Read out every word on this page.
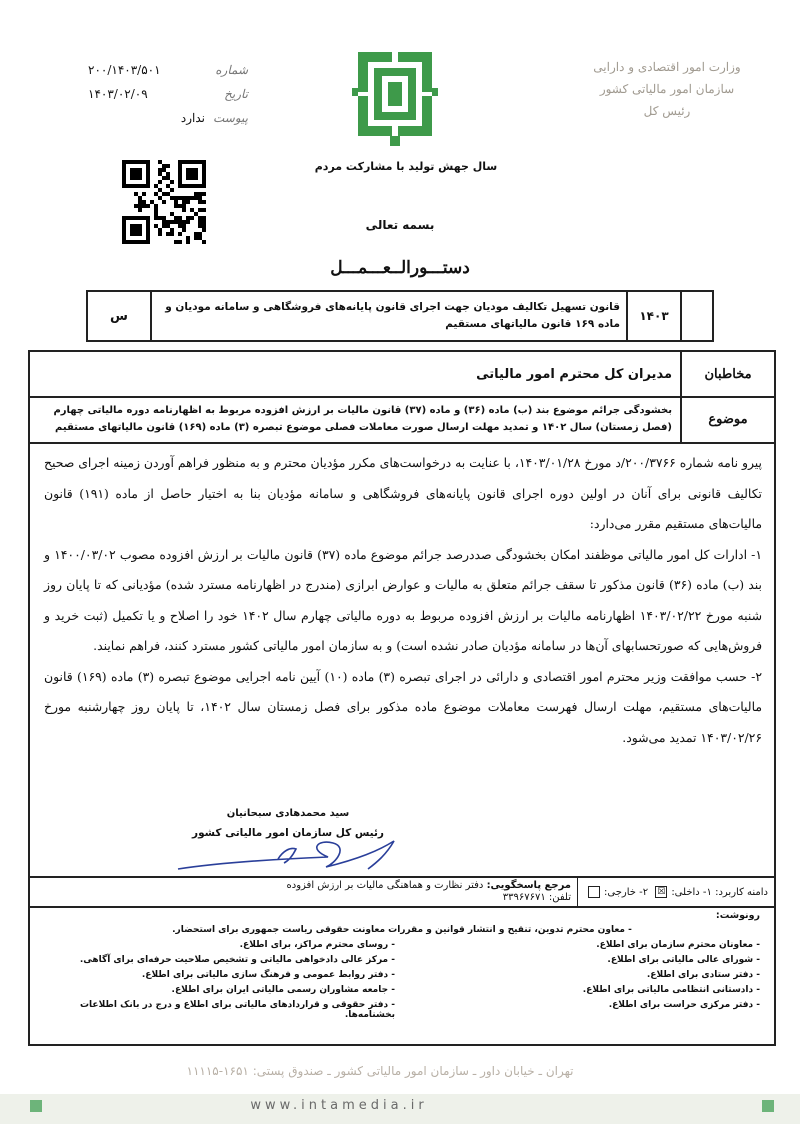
وزارت امور اقتصادی و دارایی
سازمان امور مالیاتی کشور
رئیس کل
شماره
۲۰۰/۱۴۰۳/۵۰۱
تاریخ
۱۴۰۳/۰۲/۰۹
پیوست
ندارد
سال جهش تولید با مشارکت مردم
بسمه تعالی
دستـــورالــعـــمـــل
۱۴۰۳
قانون تسهیل تکالیف مودیان جهت اجرای قانون پایانه‌های فروشگاهی و سامانه مودیان و ماده ۱۶۹ قانون مالیاتهای مستقیم
س
مخاطبان
مدیران کل محترم امور مالیاتی
موضوع
بخشودگی جرائم موضوع بند (ب) ماده (۳۶) و ماده (۳۷) قانون مالیات بر ارزش افزوده مربوط به اظهارنامه دوره مالیاتی چهارم (فصل زمستان) سال ۱۴۰۲ و تمدید مهلت ارسال صورت معاملات فصلی موضوع تبصره (۳) ماده (۱۶۹) قانون مالیاتهای مستقیم

پیرو نامه شماره ۲۰۰/۳۷۶۶/د مورخ ۱۴۰۳/۰۱/۲۸، با عنایت به درخواست‌های مکرر مؤدیان محترم و به منظور فراهم آوردن زمینه اجرای صحیح تکالیف قانونی برای آنان در اولین دوره اجرای قانون پایانه‌های فروشگاهی و سامانه مؤدیان بنا به اختیار حاصل از ماده (۱۹۱) قانون مالیات‌های مستقیم مقرر می‌دارد:

۱- ادارات کل امور مالیاتی موظفند امکان بخشودگی صددرصد جرائم موضوع ماده (۳۷) قانون مالیات بر ارزش افزوده مصوب ۱۴۰۰/۰۳/۰۲ و بند (ب) ماده (۳۶) قانون مذکور تا سقف جرائم متعلق به مالیات و عوارض ابرازی (مندرج در اظهارنامه مسترد شده) مؤدیانی که تا پایان روز شنبه مورخ ۱۴۰۳/۰۲/۲۲ اظهارنامه مالیات بر ارزش افزوده مربوط به دوره مالیاتی چهارم سال ۱۴۰۲ خود را اصلاح و یا تکمیل (ثبت خرید و فروش‌هایی که صورتحسابهای آن‌ها در سامانه مؤدیان صادر نشده است) و به سازمان امور مالیاتی کشور مسترد کنند، فراهم نمایند.

۲- حسب موافقت وزیر محترم امور اقتصادی و دارائی در اجرای تبصره (۳) ماده (۱۰) آیین نامه اجرایی موضوع تبصره (۳) ماده (۱۶۹) قانون مالیات‌های مستقیم، مهلت ارسال فهرست معاملات موضوع ماده مذکور برای فصل زمستان سال ۱۴۰۲، تا پایان روز چهارشنبه مورخ ۱۴۰۳/۰۲/۲۶ تمدید می‌شود.

سید محمدهادی سبحانیان
رئیس کل سازمان امور مالیاتی کشور
دامنه کاربرد:

۱- داخلی:
☒

۲- خارجی:
مرجع پاسخگویی: دفتر نظارت و هماهنگی مالیات بر ارزش افزوده
تلفن: ۳۳۹۶۷۶۷۱
رونوشت:
- معاون محترم تدوین، تنقیح و انتشار قوانین و مقررات معاونت حقوقی ریاست جمهوری برای استحضار.
- معاونان محترم سازمان برای اطلاع.
- روسای محترم مراکز، برای اطلاع.
- شورای عالی مالیاتی برای اطلاع.
- مرکز عالی دادخواهی مالیاتی و تشخیص صلاحیت حرفه‌ای برای آگاهی.
- دفتر ستادی برای اطلاع.
- دفتر روابط عمومی و فرهنگ سازی مالیاتی برای اطلاع.
- دادستانی انتظامی مالیاتی برای اطلاع.
- جامعه مشاوران رسمی مالیاتی ایران برای اطلاع.
- دفتر مرکزی حراست برای اطلاع.
- دفتر حقوقی و قراردادهای مالیاتی برای اطلاع و درج در بانک اطلاعات بخشنامه‌ها.
تهران ـ خیابان داور ـ سازمان امور مالیاتی کشور ـ صندوق پستی: ۱۶۵۱-۱۱۱۱۵
www.intamedia.ir
